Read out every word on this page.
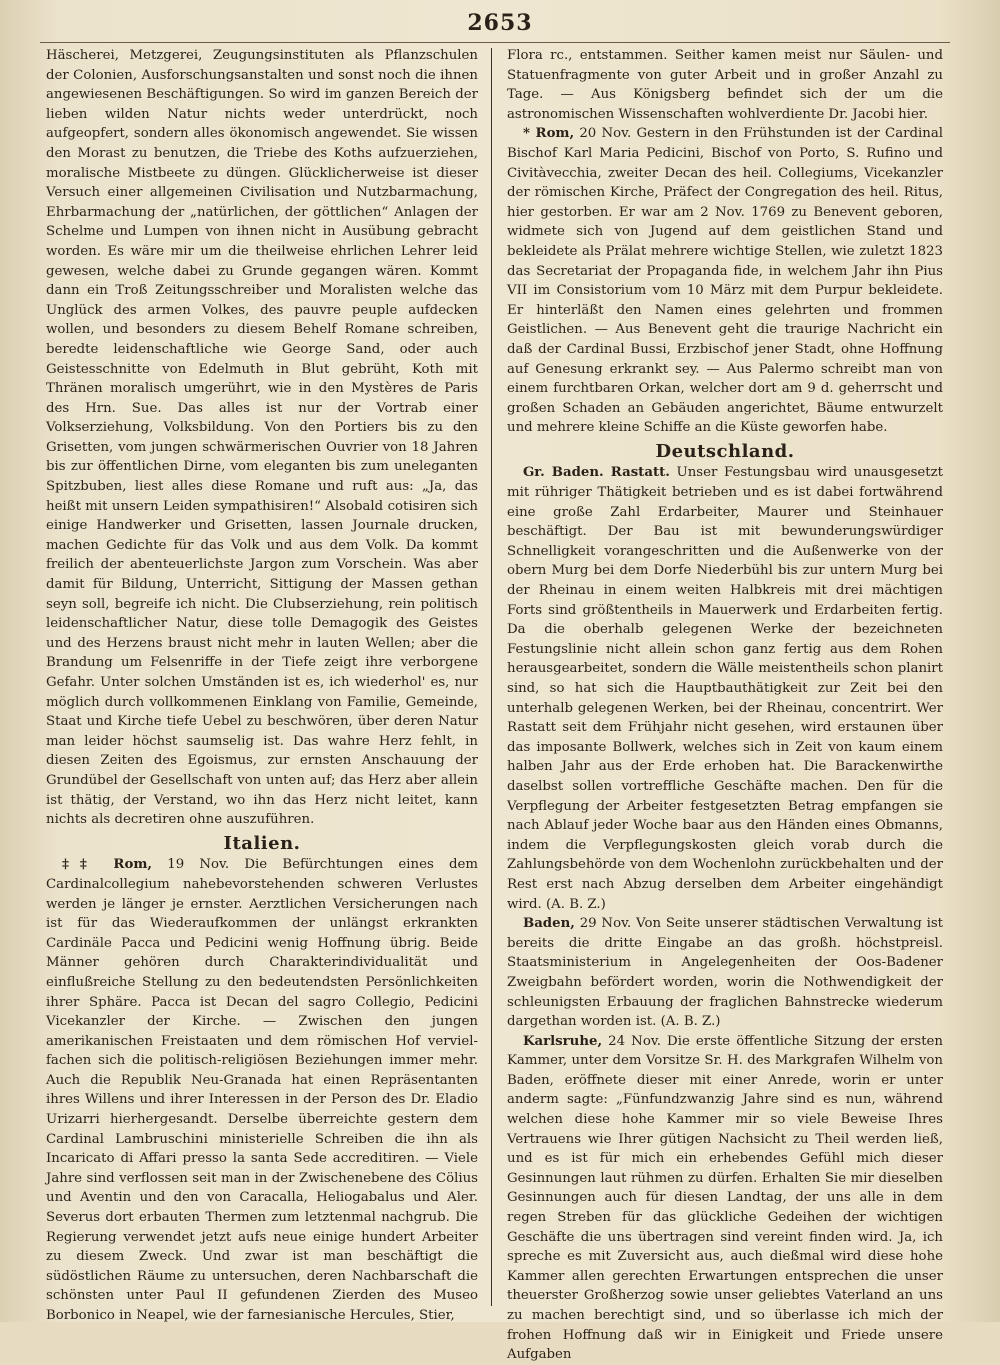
2653

Häscherei, Metzgerei, Zeugungsinstituten als Pflanzschulen der Colonien, Ausforschungsanstalten und sonst noch die ihnen angewiesenen Beschäftigungen. So wird im ganzen Bereich der lieben wilden Natur nichts weder unterdrückt, noch aufgeopfert, sondern alles ökonomisch angewendet. Sie wissen den Morast zu benutzen, die Triebe des Koths aufzuerziehen, moralische Mistbeete zu düngen. Glücklicherweise ist dieser Versuch einer allgemeinen Civilisation und Nutzbarmachung, Ehrbarmachung der „natürlichen, der göttlichen“ Anlagen der Schelme und Lumpen von ihnen nicht in Ausübung gebracht worden. Es wäre mir um die theilweise ehrlichen Lehrer leid gewesen, welche dabei zu Grunde gegangen wären. Kommt dann ein Troß Zeitungsschreiber und Moralisten welche das Unglück des armen Volkes, des pauvre peuple aufdecken wollen, und besonders zu diesem Behelf Romane schreiben, beredte leidenschaftliche wie George Sand, oder auch Geistesschnitte von Edelmuth in Blut gebrüht, Koth mit Thränen moralisch umgerührt, wie in den Mystères de Paris des Hrn. Sue. Das alles ist nur der Vortrab einer Volkserziehung, Volksbildung. Von den Portiers bis zu den Grisetten, vom jungen schwärmerischen Ouvrier von 18 Jahren bis zur öffentlichen Dirne, vom eleganten bis zum uneleganten Spitzbuben, liest alles diese Romane und ruft aus: „Ja, das heißt mit unsern Leiden sympathisiren!“ Alsobald cotisiren sich einige Handwerker und Grisetten, lassen Journale drucken, machen Gedichte für das Volk und aus dem Volk. Da kommt freilich der abenteuerlichste Jargon zum Vorschein. Was aber damit für Bildung, Unterricht, Sittigung der Massen gethan seyn soll, begreife ich nicht. Die Clubserziehung, rein politisch leidenschaftlicher Natur, diese tolle Demagogik des Geistes und des Herzens braust nicht mehr in lauten Wellen; aber die Brandung um Felsenriffe in der Tiefe zeigt ihre verborgene Gefahr. Unter solchen Umständen ist es, ich wiederhol' es, nur möglich durch vollkommenen Einklang von Familie, Gemeinde, Staat und Kirche tiefe Uebel zu beschwören, über deren Natur man leider höchst saumselig ist. Das wahre Herz fehlt, in diesen Zeiten des Egoismus, zur ernsten Anschauung der Grundübel der Gesellschaft von unten auf; das Herz aber allein ist thätig, der Verstand, wo ihn das Herz nicht leitet, kann nichts als decretiren ohne auszuführen.

Italien.

‡‡ Rom, 19 Nov. Die Befürchtungen eines dem Cardinalcollegium nahebevorstehenden schweren Verlustes werden je länger je ernster. Aerztlichen Versicherungen nach ist für das Wiederaufkommen der unlängst erkrankten Cardinäle Pacca und Pedicini wenig Hoffnung übrig. Beide Männer gehören durch Charakterindividualität und einflußreiche Stellung zu den bedeutendsten Persönlichkeiten ihrer Sphäre. Pacca ist Decan del sagro Collegio, Pedicini Vicekanzler der Kirche. — Zwischen den jungen amerikanischen Freistaaten und dem römischen Hof vervielfachen sich die politisch-religiösen Beziehungen immer mehr. Auch die Republik Neu-Granada hat einen Repräsentanten ihres Willens und ihrer Interessen in der Person des Dr. Eladio Urizarri hierhergesandt. Derselbe überreichte gestern dem Cardinal Lambruschini ministerielle Schreiben die ihn als Incaricato di Affari presso la santa Sede accreditiren. — Viele Jahre sind verflossen seit man in der Zwischenebene des Cölius und Aventin und den von Caracalla, Heliogabalus und Aler. Severus dort erbauten Thermen zum letztenmal nachgrub. Die Regierung verwendet jetzt aufs neue einige hundert Arbeiter zu diesem Zweck. Und zwar ist man beschäftigt die südöstlichen Räume zu untersuchen, deren Nachbarschaft die schönsten unter Paul II gefundenen Zierden des Museo Borbonico in Neapel, wie der farnesianische Hercules, Stier,

Flora rc., entstammen. Seither kamen meist nur Säulen- und Statuenfragmente von guter Arbeit und in großer Anzahl zu Tage. — Aus Königsberg befindet sich der um die astronomischen Wissenschaften wohlverdiente Dr. Jacobi hier.

* Rom, 20 Nov. Gestern in den Frühstunden ist der Cardinal Bischof Karl Maria Pedicini, Bischof von Porto, S. Rufino und Civitàvecchia, zweiter Decan des heil. Collegiums, Vicekanzler der römischen Kirche, Präfect der Congregation des heil. Ritus, hier gestorben. Er war am 2 Nov. 1769 zu Benevent geboren, widmete sich von Jugend auf dem geistlichen Stand und bekleidete als Prälat mehrere wichtige Stellen, wie zuletzt 1823 das Secretariat der Propaganda fide, in welchem Jahr ihn Pius VII im Consistorium vom 10 März mit dem Purpur bekleidete. Er hinterläßt den Namen eines gelehrten und frommen Geistlichen. — Aus Benevent geht die traurige Nachricht ein daß der Cardinal Bussi, Erzbischof jener Stadt, ohne Hoffnung auf Genesung erkrankt sey. — Aus Palermo schreibt man von einem furchtbaren Orkan, welcher dort am 9 d. geherrscht und großen Schaden an Gebäuden angerichtet, Bäume entwurzelt und mehrere kleine Schiffe an die Küste geworfen habe.

Deutschland.

Gr. Baden. Rastatt. Unser Festungsbau wird unausgesetzt mit rühriger Thätigkeit betrieben und es ist dabei fortwährend eine große Zahl Erdarbeiter, Maurer und Steinhauer beschäftigt. Der Bau ist mit bewunderungswürdiger Schnelligkeit vorangeschritten und die Außenwerke von der obern Murg bei dem Dorfe Niederbühl bis zur untern Murg bei der Rheinau in einem weiten Halbkreis mit drei mächtigen Forts sind größtentheils in Mauerwerk und Erdarbeiten fertig. Da die oberhalb gelegenen Werke der bezeichneten Festungslinie nicht allein schon ganz fertig aus dem Rohen herausgearbeitet, sondern die Wälle meistentheils schon planirt sind, so hat sich die Hauptbauthätigkeit zur Zeit bei den unterhalb gelegenen Werken, bei der Rheinau, concentrirt. Wer Rastatt seit dem Frühjahr nicht gesehen, wird erstaunen über das imposante Bollwerk, welches sich in Zeit von kaum einem halben Jahr aus der Erde erhoben hat. Die Barackenwirthe daselbst sollen vortreffliche Geschäfte machen. Den für die Verpflegung der Arbeiter festgesetzten Betrag empfangen sie nach Ablauf jeder Woche baar aus den Händen eines Obmanns, indem die Verpflegungskosten gleich vorab durch die Zahlungsbehörde von dem Wochenlohn zurückbehalten und der Rest erst nach Abzug derselben dem Arbeiter eingehändigt wird. (A. B. Z.)

Baden, 29 Nov. Von Seite unserer städtischen Verwaltung ist bereits die dritte Eingabe an das großh. höchstpreisl. Staatsministerium in Angelegenheiten der Oos-Badener Zweigbahn befördert worden, worin die Nothwendigkeit der schleunigsten Erbauung der fraglichen Bahnstrecke wiederum dargethan worden ist. (A. B. Z.)

Karlsruhe, 24 Nov. Die erste öffentliche Sitzung der ersten Kammer, unter dem Vorsitze Sr. H. des Markgrafen Wilhelm von Baden, eröffnete dieser mit einer Anrede, worin er unter anderm sagte: „Fünfundzwanzig Jahre sind es nun, während welchen diese hohe Kammer mir so viele Beweise Ihres Vertrauens wie Ihrer gütigen Nachsicht zu Theil werden ließ, und es ist für mich ein erhebendes Gefühl mich dieser Gesinnungen laut rühmen zu dürfen. Erhalten Sie mir dieselben Gesinnungen auch für diesen Landtag, der uns alle in dem regen Streben für das glückliche Gedeihen der wichtigen Geschäfte die uns übertragen sind vereint finden wird. Ja, ich spreche es mit Zuversicht aus, auch dießmal wird diese hohe Kammer allen gerechten Erwartungen entsprechen die unser theuerster Großherzog sowie unser geliebtes Vaterland an uns zu machen berechtigt sind, und so überlasse ich mich der frohen Hoffnung daß wir in Einigkeit und Friede unsere Aufgaben
